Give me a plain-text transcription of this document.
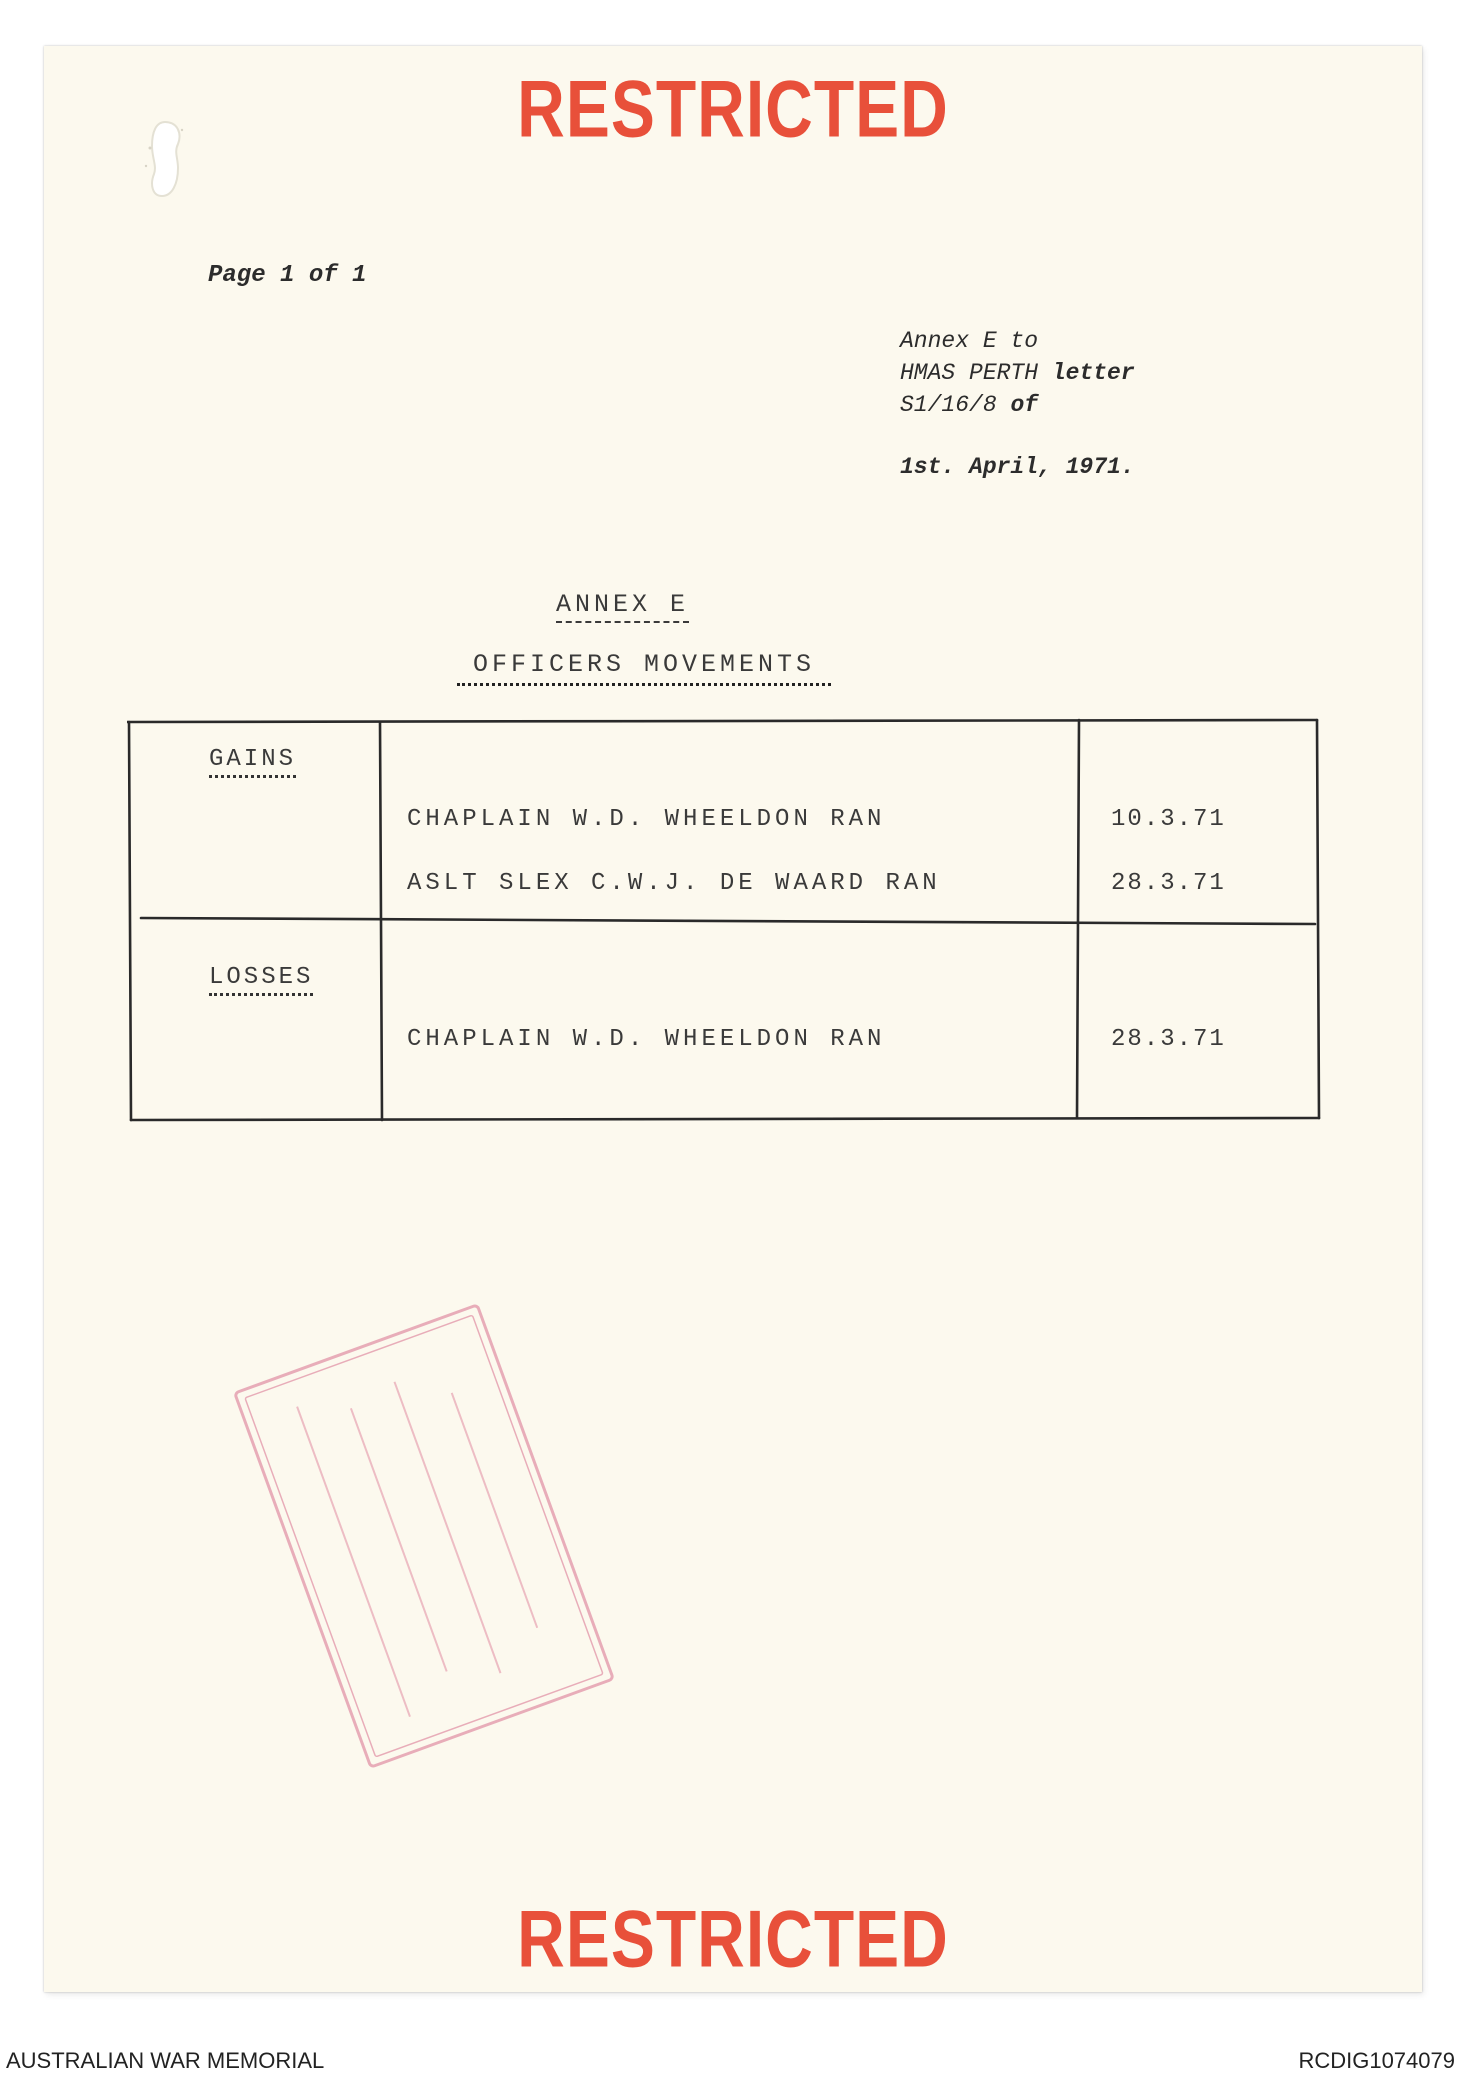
RESTRICTED
Page 1 of 1
Annex E to
HMAS PERTH letter
S1/16/8 of
1st. April, 1971.
ANNEX E
OFFICERS MOVEMENTS
GAINS
CHAPLAIN W.D. WHEELDON RAN	10.3.71
ASLT SLEX C.W.J. DE WAARD RAN	28.3.71
LOSSES
CHAPLAIN W.D. WHEELDON RAN	28.3.71
RESTRICTED
AUSTRALIAN WAR MEMORIAL	RCDIG1074079
